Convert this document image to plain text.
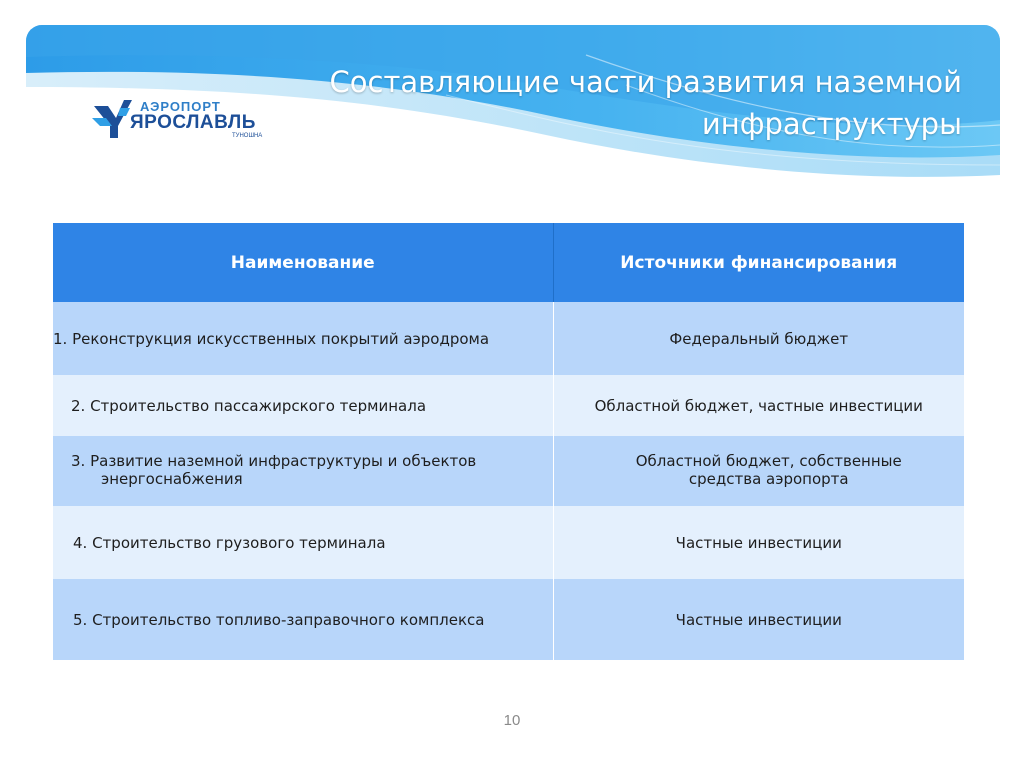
Составляющие части развития наземной инфраструктуры
АЭРОПОРТ
ЯРОСЛАВЛЬ
ТУНОШНА
Наименование	Источники финансирования
1. Реконструкция искусственных покрытий аэродрома	Федеральный бюджет
2. Строительство пассажирского терминала	Областной бюджет, частные инвестиции

3. Развитие наземной инфраструктуры и объектов энергоснабжения	Областной бюджет, собственные средства аэропорта

4. Строительство грузового терминала	Частные инвестиции
5. Строительство топливо-заправочного комплекса	Частные инвестиции
10
